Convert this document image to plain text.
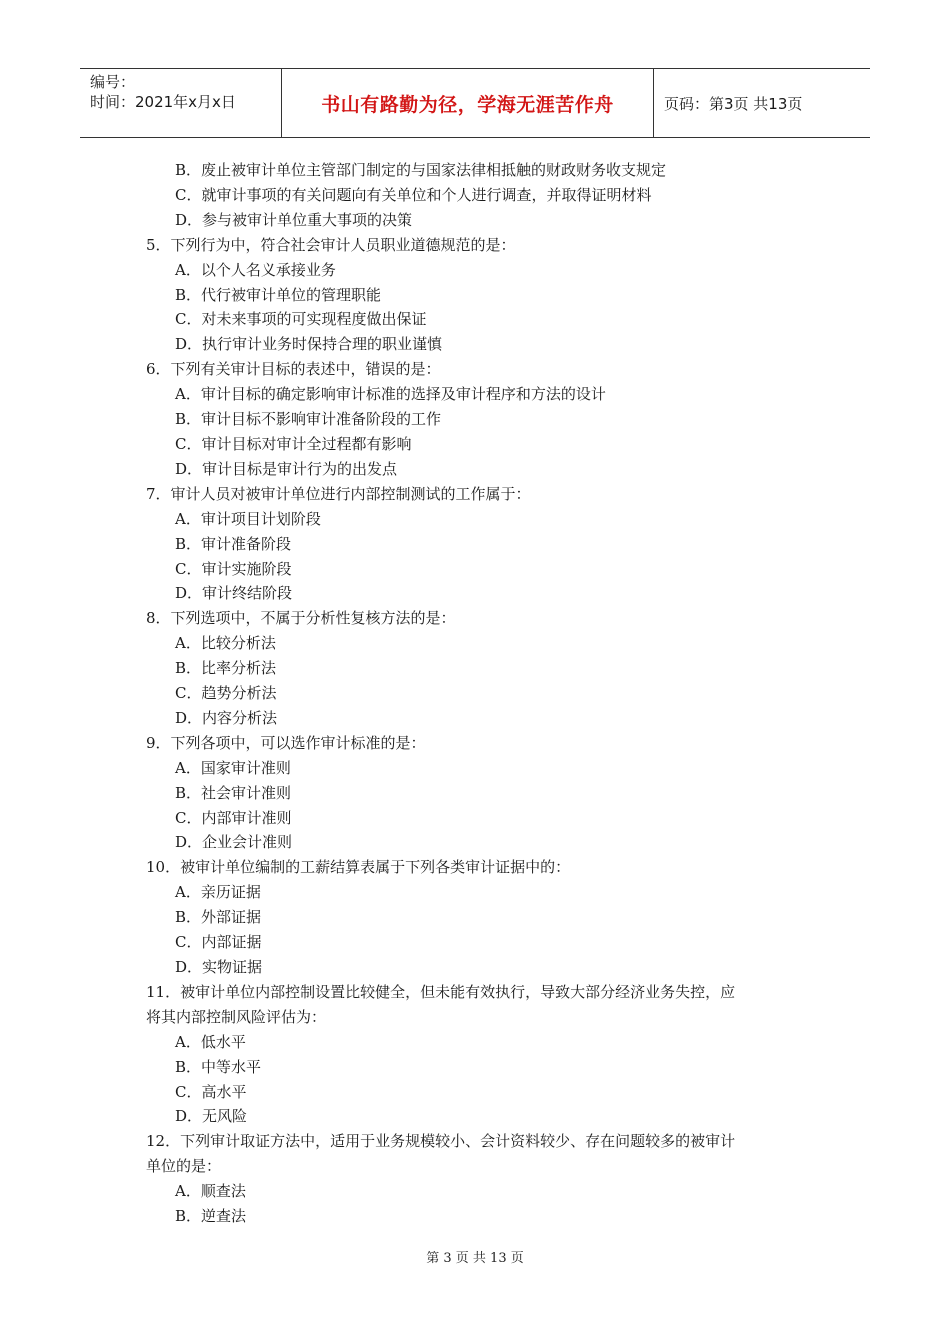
编号：
时间：2021年x月x日	书山有路勤为径，学海无涯苦作舟	页码：第3页 共13页
B．废止被审计单位主管部门制定的与国家法律相抵触的财政财务收支规定
C．就审计事项的有关问题向有关单位和个人进行调查，并取得证明材料
D．参与被审计单位重大事项的决策
5．下列行为中，符合社会审计人员职业道德规范的是：
A．以个人名义承接业务
B．代行被审计单位的管理职能
C．对未来事项的可实现程度做出保证
D．执行审计业务时保持合理的职业谨慎
6．下列有关审计目标的表述中，错误的是：
A．审计目标的确定影响审计标准的选择及审计程序和方法的设计
B．审计目标不影响审计准备阶段的工作
C．审计目标对审计全过程都有影响
D．审计目标是审计行为的出发点
7．审计人员对被审计单位进行内部控制测试的工作属于：
A．审计项目计划阶段
B．审计准备阶段
C．审计实施阶段
D．审计终结阶段
8．下列选项中，不属于分析性复核方法的是：
A．比较分析法
B．比率分析法
C．趋势分析法
D．内容分析法
9．下列各项中，可以选作审计标准的是：
A．国家审计准则
B．社会审计准则
C．内部审计准则
D．企业会计准则
10．被审计单位编制的工薪结算表属于下列各类审计证据中的：
A．亲历证据
B．外部证据
C．内部证据
D．实物证据
11．被审计单位内部控制设置比较健全，但未能有效执行，导致大部分经济业务失控，应
将其内部控制风险评估为：
A．低水平
B．中等水平
C．高水平
D．无风险
12．下列审计取证方法中，适用于业务规模较小、会计资料较少、存在问题较多的被审计
单位的是：
A．顺查法
B．逆查法
第 3 页 共 13 页
